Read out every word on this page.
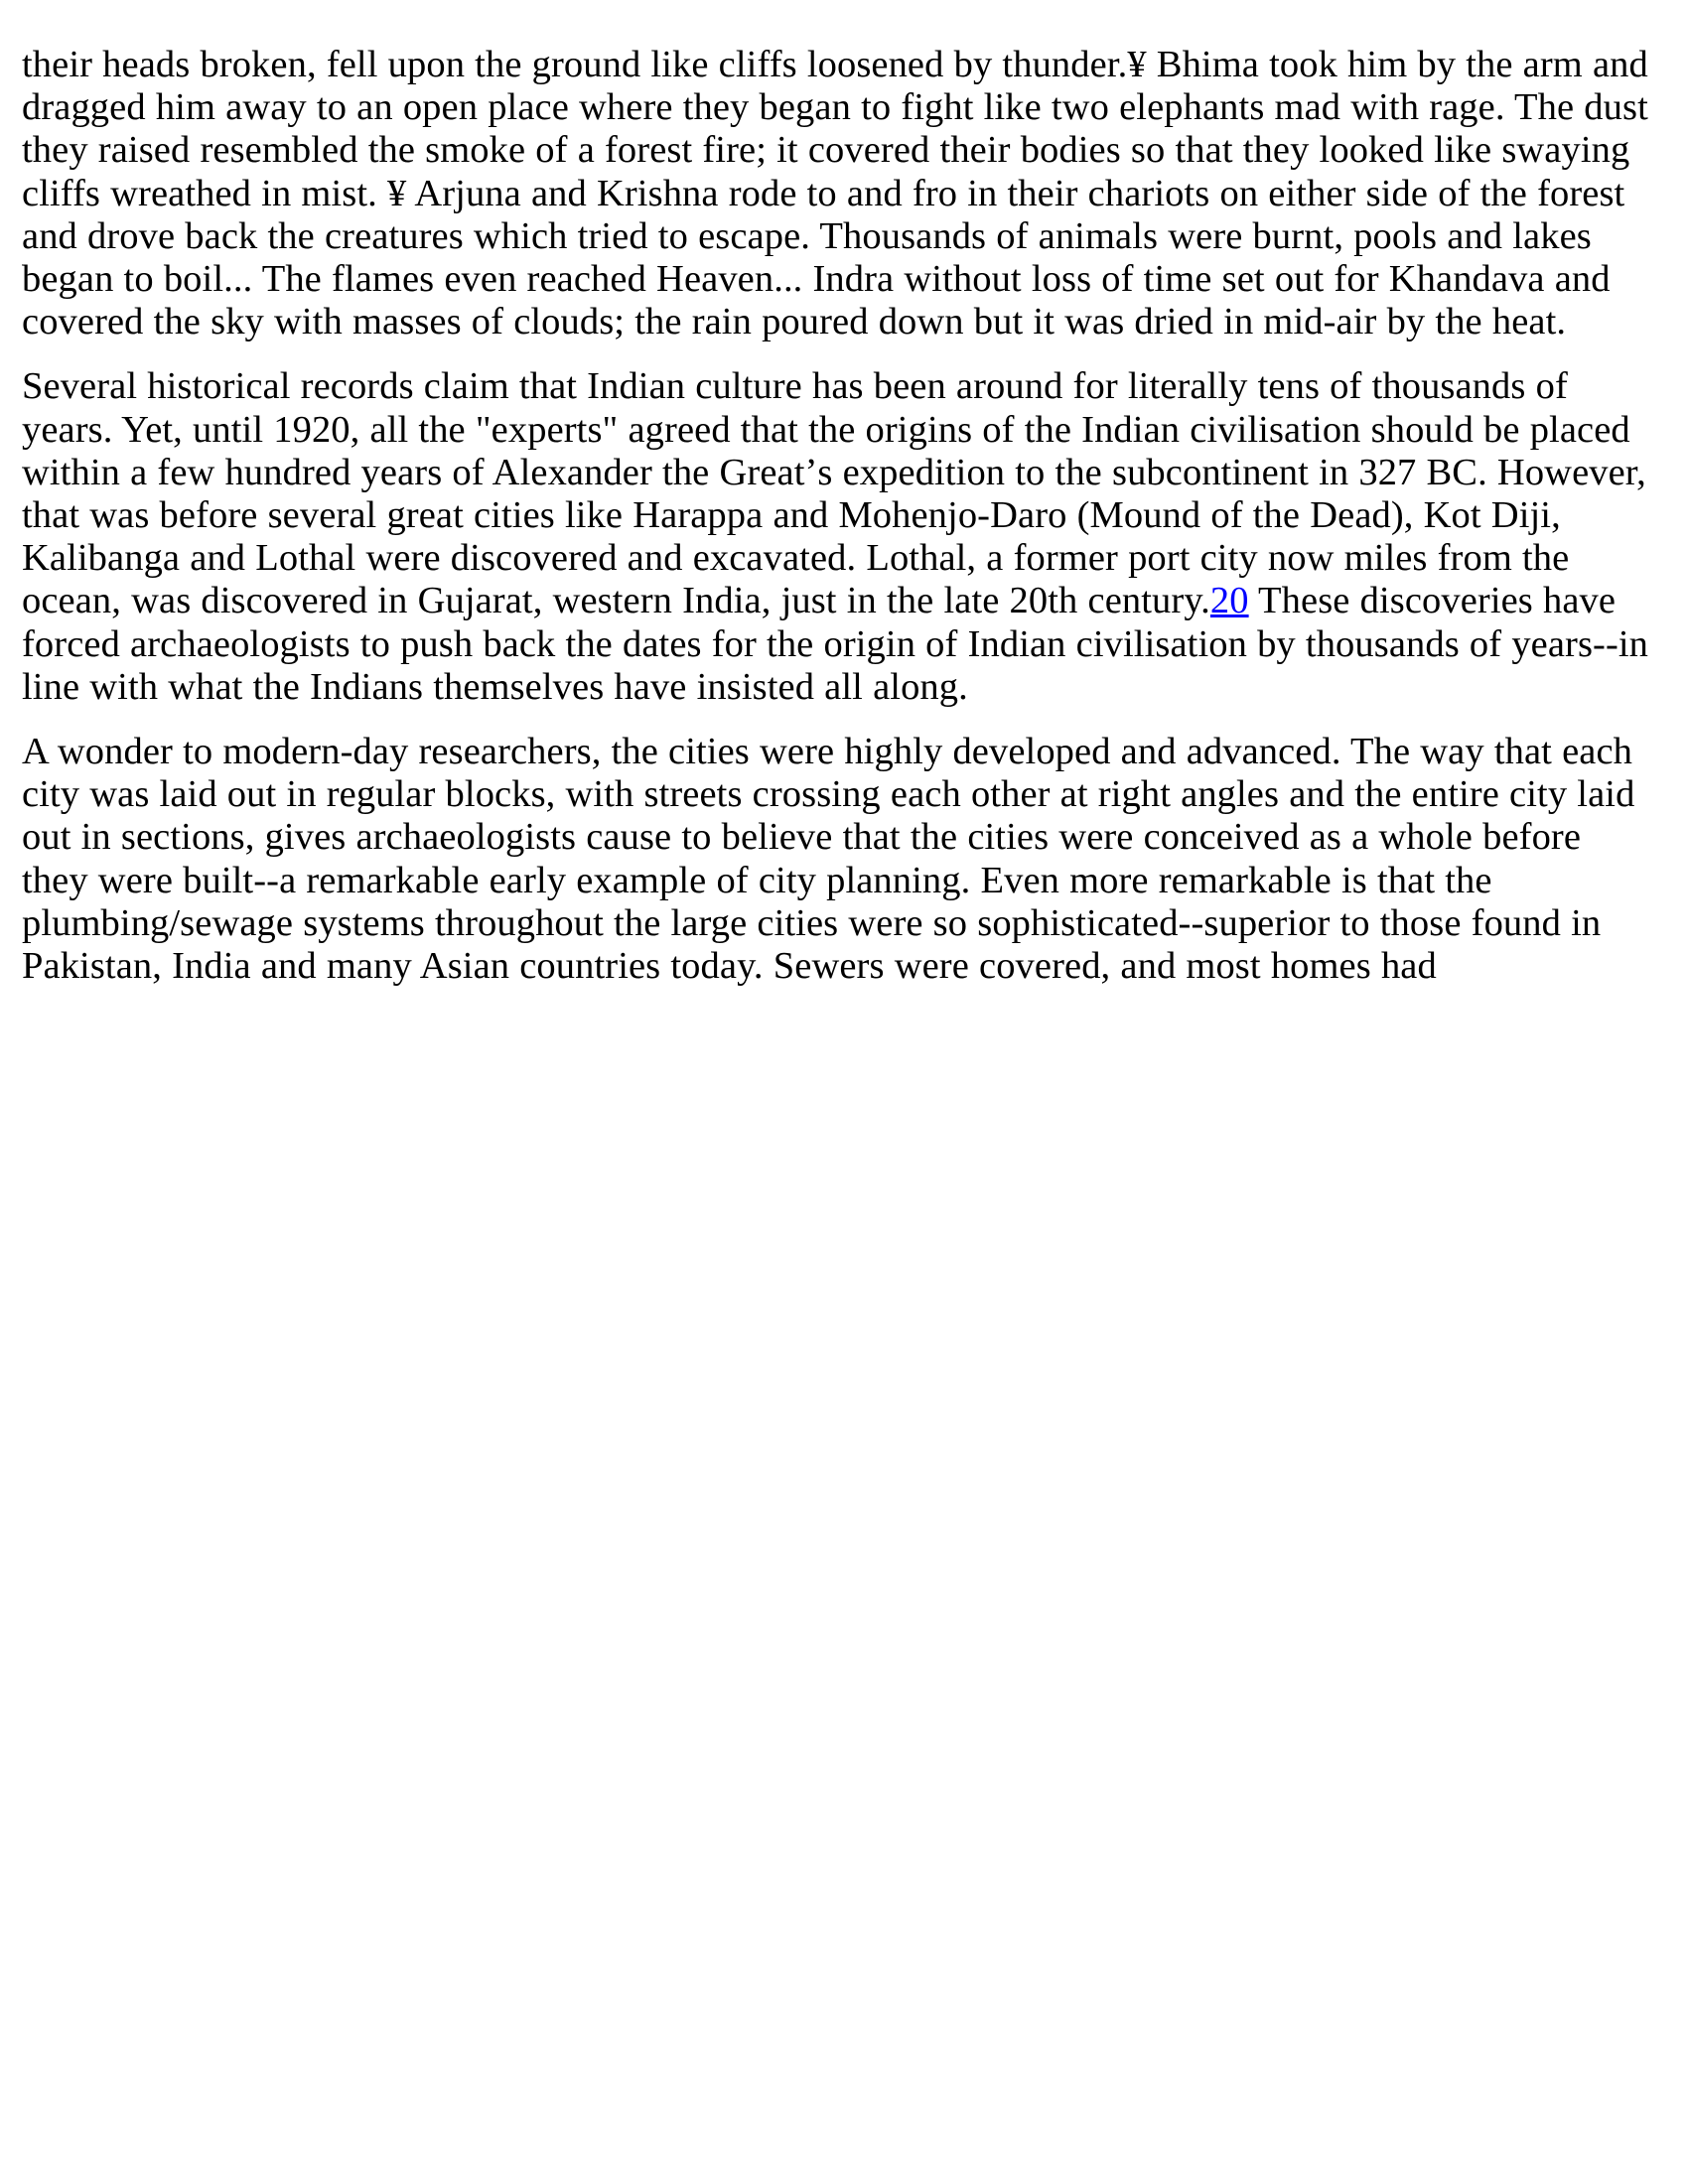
their heads broken, fell upon the ground like cliffs loosened by thunder.¥ Bhima took him by the arm and dragged him away to an open place where they began to fight like two elephants mad with rage. The dust they raised resembled the smoke of a forest fire; it covered their bodies so that they looked like swaying cliffs wreathed in mist. ¥ Arjuna and Krishna rode to and fro in their chariots on either side of the forest and drove back the creatures which tried to escape. Thousands of animals were burnt, pools and lakes began to boil... The flames even reached Heaven... Indra without loss of time set out for Khandava and covered the sky with masses of clouds; the rain poured down but it was dried in mid-air by the heat.

Several historical records claim that Indian culture has been around for literally tens of thousands of years. Yet, until 1920, all the "experts" agreed that the origins of the Indian civilisation should be placed within a few hundred years of Alexander the Greatʼs expedition to the subcontinent in 327 BC. However, that was before several great cities like Harappa and Mohenjo-Daro (Mound of the Dead), Kot Diji, Kalibanga and Lothal were discovered and excavated. Lothal, a former port city now miles from the ocean, was discovered in Gujarat, western India, just in the late 20th century.20 These discoveries have forced archaeologists to push back the dates for the origin of Indian civilisation by thousands of years--in line with what the Indians themselves have insisted all along.

A wonder to modern-day researchers, the cities were highly developed and advanced. The way that each city was laid out in regular blocks, with streets crossing each other at right angles and the entire city laid out in sections, gives archaeologists cause to believe that the cities were conceived as a whole before they were built--a remarkable early example of city planning. Even more remarkable is that the plumbing/sewage systems throughout the large cities were so sophisticated--superior to those found in Pakistan, India and many Asian countries today. Sewers were covered, and most homes had
